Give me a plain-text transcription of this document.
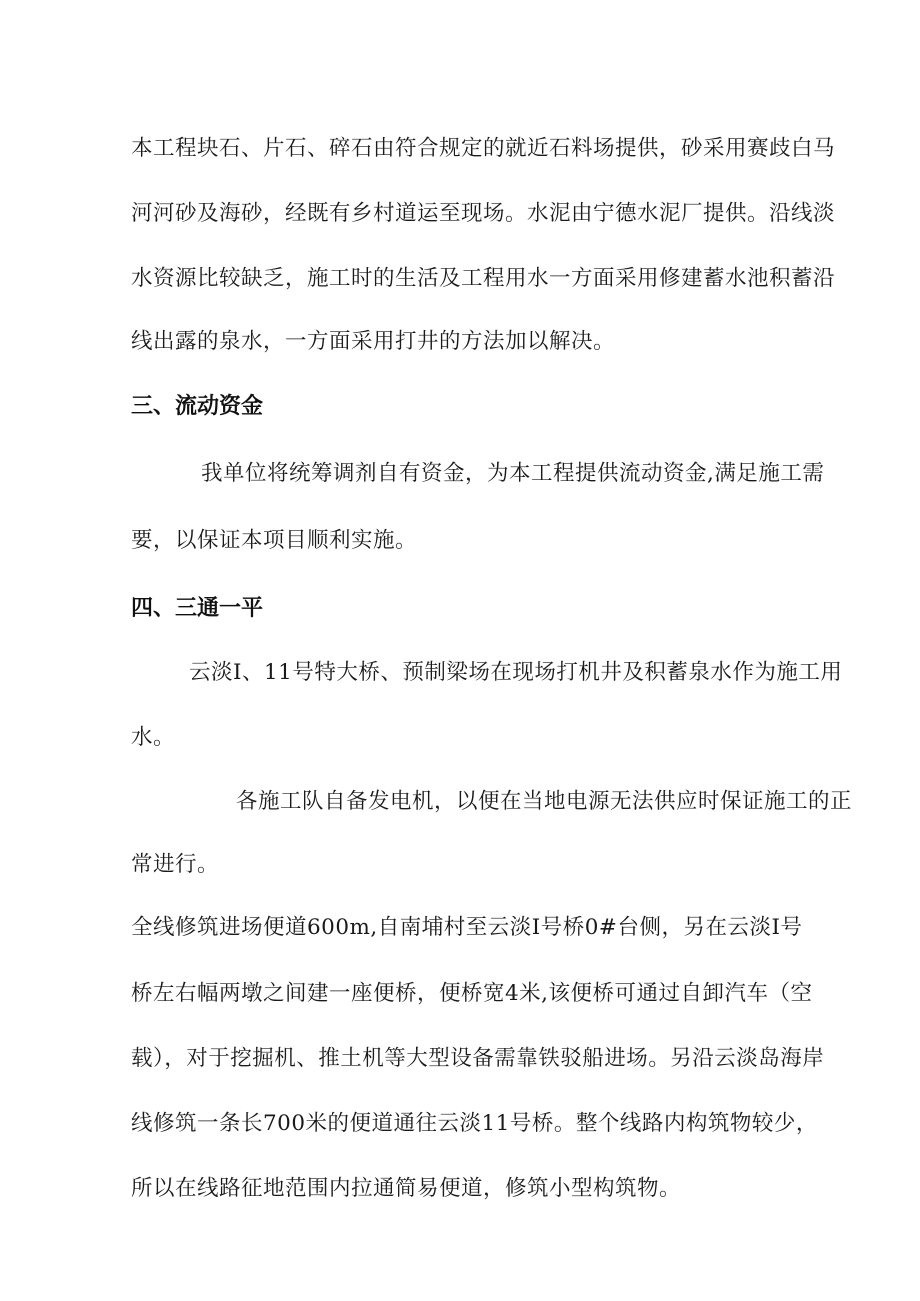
本工程块石、片石、碎石由符合规定的就近石料场提供，砂采用赛歧白马
河河砂及海砂，经既有乡村道运至现场。水泥由宁德水泥厂提供。沿线淡
水资源比较缺乏，施工时的生活及工程用水一方面采用修建蓄水池积蓄沿
线出露的泉水，一方面采用打井的方法加以解决。
三、流动资金
我单位将统筹调剂自有资金，为本工程提供流动资金,满足施工需
要，以保证本项目顺利实施。
四、三通一平
云淡Ⅰ、11号特大桥、预制梁场在现场打机井及积蓄泉水作为施工用
水。
各施工队自备发电机，以便在当地电源无法供应时保证施工的正
常进行。
全线修筑进场便道600m,自南埔村至云淡Ⅰ号桥0#台侧，另在云淡Ⅰ号
桥左右幅两墩之间建一座便桥，便桥宽4米,该便桥可通过自卸汽车（空
载），对于挖掘机、推土机等大型设备需靠铁驳船进场。另沿云淡岛海岸
线修筑一条长700米的便道通往云淡11号桥。整个线路内构筑物较少，
所以在线路征地范围内拉通简易便道，修筑小型构筑物。
